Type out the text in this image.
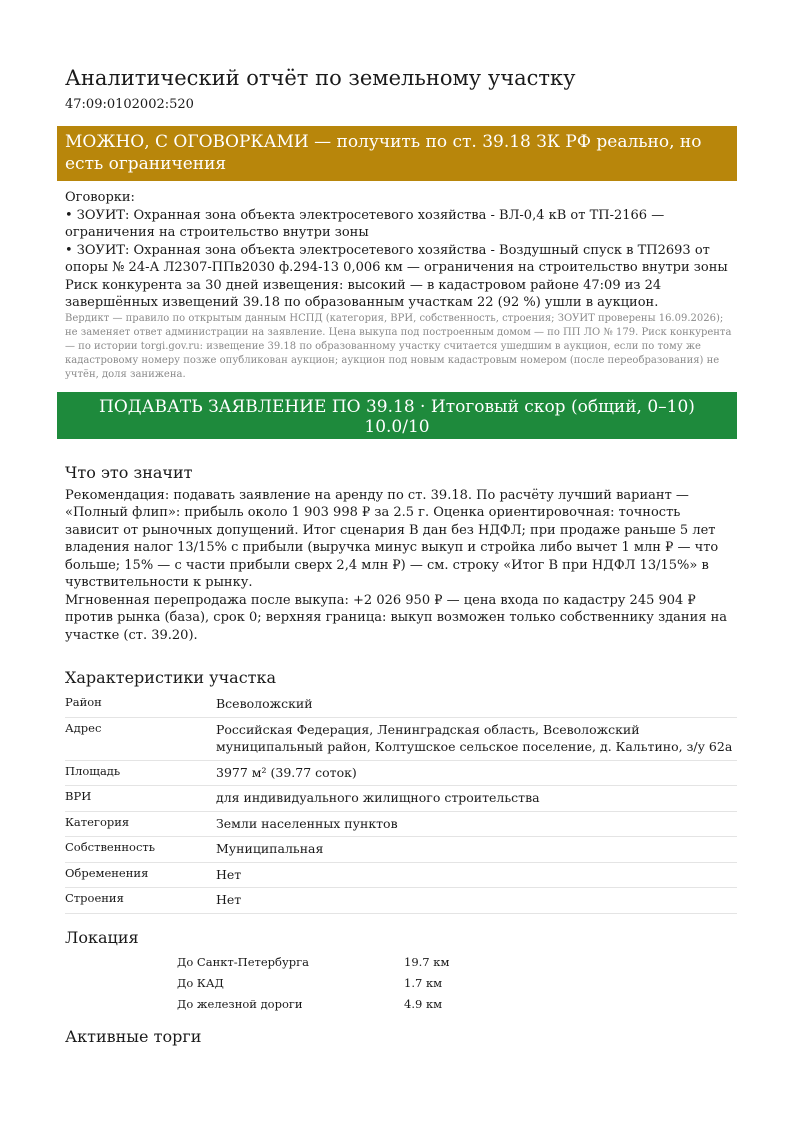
Аналитический отчёт по земельному участку
47:09:0102002:520
МОЖНО, С ОГОВОРКАМИ — получить по ст. 39.18 ЗК РФ реально, но есть ограничения
Оговорки:
• ЗОУИТ: Охранная зона объекта электросетевого хозяйства - ВЛ-0,4 кВ от ТП-2166 — ограничения на строительство внутри зоны
• ЗОУИТ: Охранная зона объекта электросетевого хозяйства - Воздушный спуск в ТП2693 от опоры № 24-А Л2307-ППв2030 ф.294-13 0,006 км — ограничения на строительство внутри зоны
Риск конкурента за 30 дней извещения: высокий — в кадастровом районе 47:09 из 24 завершённых извещений 39.18 по образованным участкам 22 (92 %) ушли в аукцион.
Вердикт — правило по открытым данным НСПД (категория, ВРИ, собственность, строения; ЗОУИТ проверены 16.09.2026); не заменяет ответ администрации на заявление. Цена выкупа под построенным домом — по ПП ЛО № 179. Риск конкурента — по истории torgi.gov.ru: извещение 39.18 по образованному участку считается ушедшим в аукцион, если по тому же кадастровому номеру позже опубликован аукцион; аукцион под новым кадастровым номером (после переобразования) не учтён, доля занижена.
ПОДАВАТЬ ЗАЯВЛЕНИЕ ПО 39.18 · Итоговый скор (общий, 0–10) 10.0/10
Что это значит
Рекомендация: подавать заявление на аренду по ст. 39.18. По расчёту лучший вариант — «Полный флип»: прибыль около 1 903 998 ₽ за 2.5 г. Оценка ориентировочная: точность зависит от рыночных допущений. Итог сценария В дан без НДФЛ; при продаже раньше 5 лет владения налог 13/15% с прибыли (выручка минус выкуп и стройка либо вычет 1 млн ₽ — что больше; 15% — с части прибыли сверх 2,4 млн ₽) — см. строку «Итог В при НДФЛ 13/15%» в чувствительности к рынку.
Мгновенная перепродажа после выкупа: +2 026 950 ₽ — цена входа по кадастру 245 904 ₽ против рынка (база), срок 0; верхняя граница: выкуп возможен только собственнику здания на участке (ст. 39.20).
Характеристики участка
Район	Всеволожский
Адрес	Российская Федерация, Ленинградская область, Всеволожский муниципальный район, Колтушское сельское поселение, д. Кальтино, з/у 62а
Площадь	3977 м² (39.77 соток)
ВРИ	для индивидуального жилищного строительства
Категория	Земли населенных пунктов
Собственность	Муниципальная
Обременения	Нет
Строения	Нет
Локация
До Санкт-Петербурга	19.7 км
До КАД	1.7 км
До железной дороги	4.9 км
Активные торги
